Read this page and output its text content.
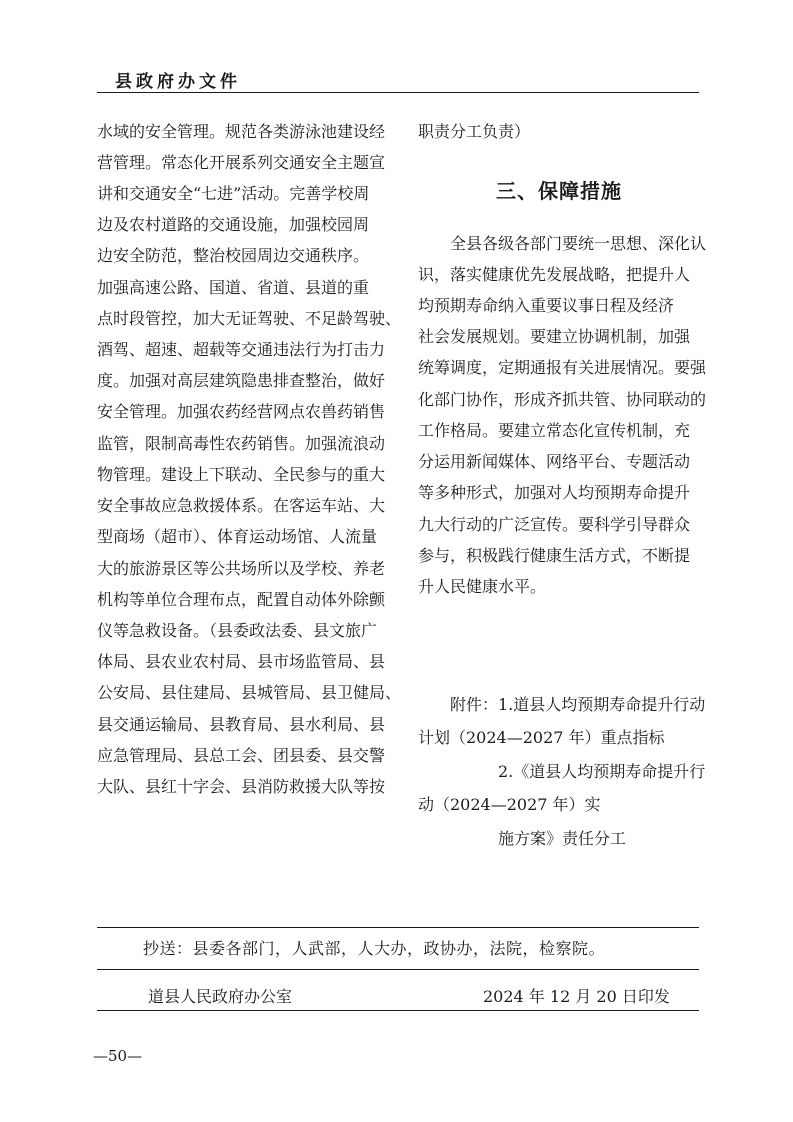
县政府办文件
水域的安全管理。规范各类游泳池建设经
营管理。常态化开展系列交通安全主题宣
讲和交通安全“七进”活动。完善学校周
边及农村道路的交通设施，加强校园周
边安全防范，整治校园周边交通秩序。
加强高速公路、国道、省道、县道的重
点时段管控，加大无证驾驶、不足龄驾驶、
酒驾、超速、超载等交通违法行为打击力
度。加强对高层建筑隐患排查整治，做好
安全管理。加强农药经营网点农兽药销售
监管，限制高毒性农药销售。加强流浪动
物管理。建设上下联动、全民参与的重大
安全事故应急救援体系。在客运车站、大
型商场（超市）、体育运动场馆、人流量
大的旅游景区等公共场所以及学校、养老
机构等单位合理布点，配置自动体外除颤
仪等急救设备。（县委政法委、县文旅广
体局、县农业农村局、县市场监管局、县
公安局、县住建局、县城管局、县卫健局、
县交通运输局、县教育局、县水利局、县
应急管理局、县总工会、团县委、县交警
大队、县红十字会、县消防救援大队等按
职责分工负责）
三、保障措施
全县各级各部门要统一思想、深化认
识，落实健康优先发展战略，把提升人
均预期寿命纳入重要议事日程及经济
社会发展规划。要建立协调机制，加强
统筹调度，定期通报有关进展情况。要强
化部门协作，形成齐抓共管、协同联动的
工作格局。要建立常态化宣传机制，充
分运用新闻媒体、网络平台、专题活动
等多种形式，加强对人均预期寿命提升
九大行动的广泛宣传。要科学引导群众
参与，积极践行健康生活方式，不断提
升人民健康水平。
附件：1.道县人均预期寿命提升行动
计划（2024—2027 年）重点指标
2.《道县人均预期寿命提升行
动（2024—2027 年）实
施方案》责任分工
抄送：县委各部门，人武部，人大办，政协办，法院，检察院。
道县人民政府办公室	2024 年 12 月 20 日印发
—50—
